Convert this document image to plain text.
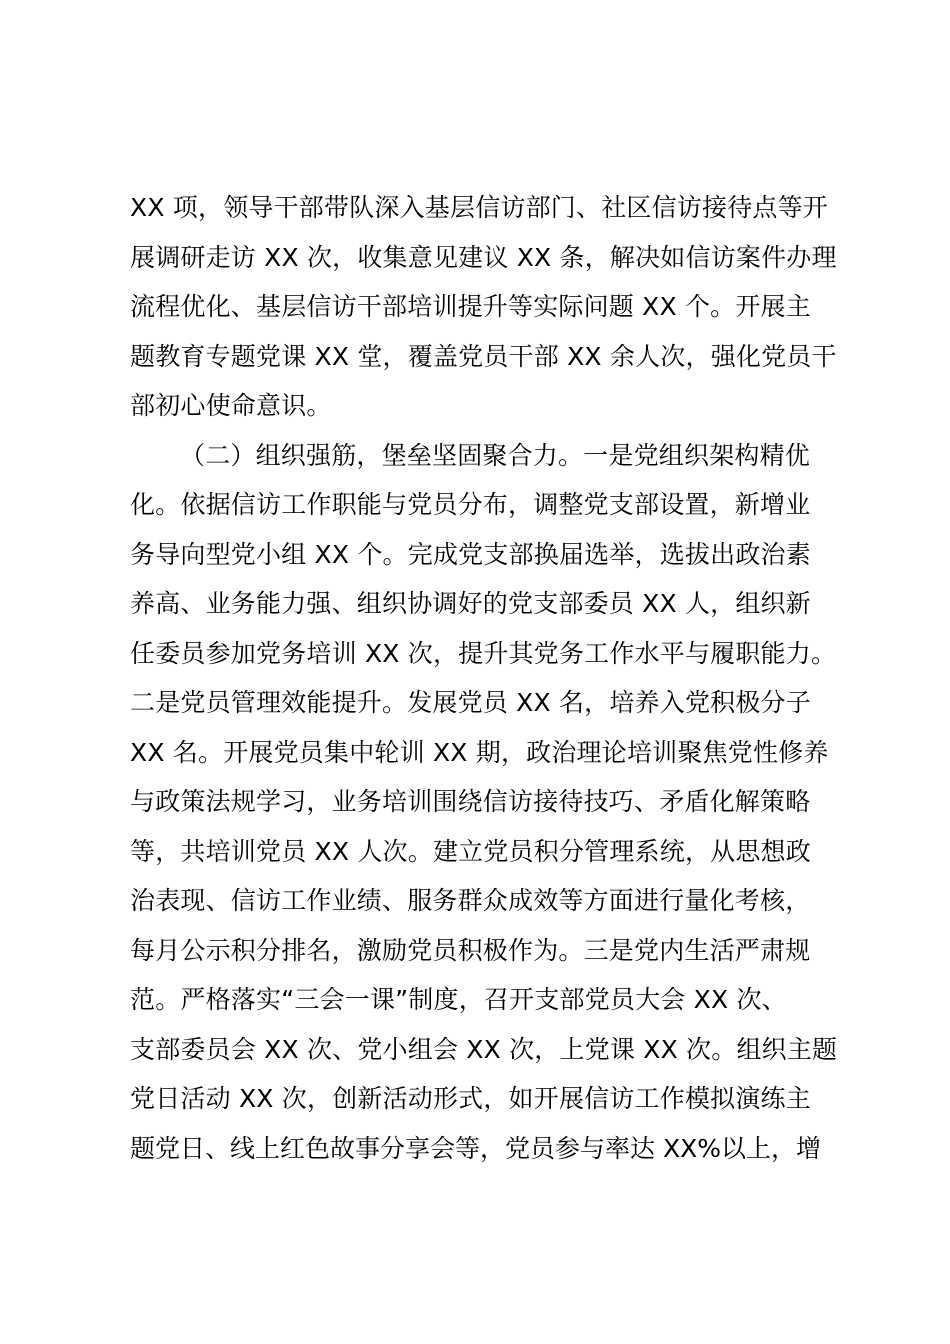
XX 项，领导干部带队深入基层信访部门、社区信访接待点等开
展调研走访 XX 次，收集意见建议 XX 条，解决如信访案件办理
流程优化、基层信访干部培训提升等实际问题 XX 个。开展主
题教育专题党课 XX 堂，覆盖党员干部 XX 余人次，强化党员干
部初心使命意识。
（二）组织强筋，堡垒坚固聚合力。一是党组织架构精优
化。依据信访工作职能与党员分布，调整党支部设置，新增业
务导向型党小组 XX 个。完成党支部换届选举，选拔出政治素
养高、业务能力强、组织协调好的党支部委员 XX 人，组织新
任委员参加党务培训 XX 次，提升其党务工作水平与履职能力。
二是党员管理效能提升。发展党员 XX 名，培养入党积极分子
XX 名。开展党员集中轮训 XX 期，政治理论培训聚焦党性修养
与政策法规学习，业务培训围绕信访接待技巧、矛盾化解策略
等，共培训党员 XX 人次。建立党员积分管理系统，从思想政
治表现、信访工作业绩、服务群众成效等方面进行量化考核，
每月公示积分排名，激励党员积极作为。三是党内生活严肃规
范。严格落实“三会一课”制度，召开支部党员大会 XX 次、
支部委员会 XX 次、党小组会 XX 次，上党课 XX 次。组织主题
党日活动 XX 次，创新活动形式，如开展信访工作模拟演练主
题党日、线上红色故事分享会等，党员参与率达 XX%以上，增
